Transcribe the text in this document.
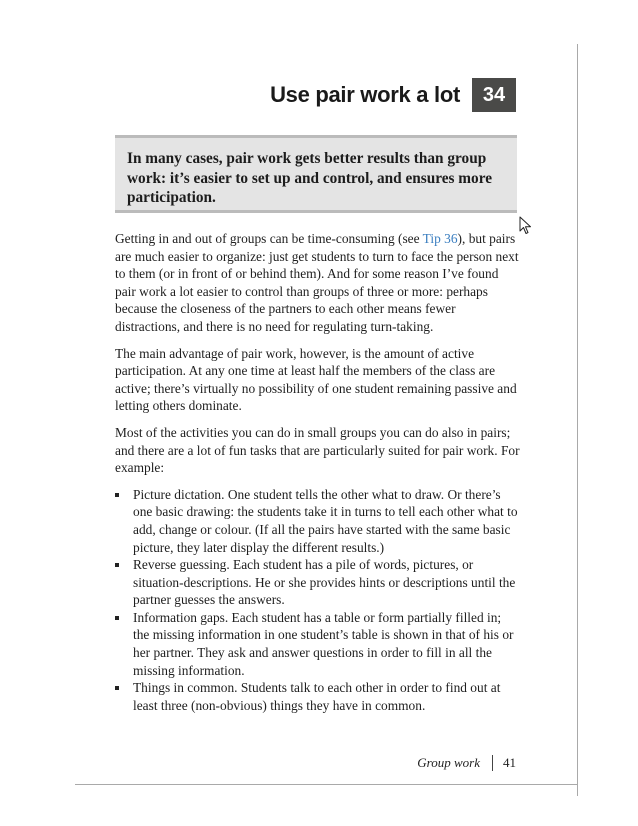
Use pair work a lot	34

In many cases, pair work gets better results than group work: it’s easier to set up and control, and ensures more participation.

Getting in and out of groups can be time-consuming (see Tip 36), but pairs are much easier to organize: just get students to turn to face the person next to them (or in front of or behind them). And for some reason I’ve found pair work a lot easier to control than groups of three or more: perhaps because the closeness of the partners to each other means fewer distractions, and there is no need for regulating turn-taking.

The main advantage of pair work, however, is the amount of active participation. At any one time at least half the members of the class are active; there’s virtually no possibility of one student remaining passive and letting others dominate.

Most of the activities you can do in small groups you can do also in pairs; and there are a lot of fun tasks that are particularly suited for pair work. For example:

Picture dictation. One student tells the other what to draw. Or there’s one basic drawing: the students take it in turns to tell each other what to add, change or colour. (If all the pairs have started with the same basic picture, they later display the different results.)
Reverse guessing. Each student has a pile of words, pictures, or situation-descriptions. He or she provides hints or descriptions until the partner guesses the answers.
Information gaps. Each student has a table or form partially filled in; the missing information in one student’s table is shown in that of his or her partner. They ask and answer questions in order to fill in all the missing information.
Things in common. Students talk to each other in order to find out at least three (non-obvious) things they have in common.
Group work 41
